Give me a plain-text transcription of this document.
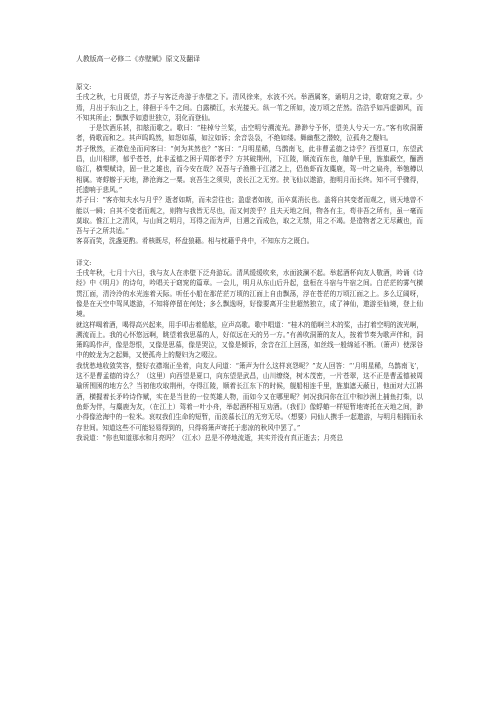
人教版高一必修二《赤壁赋》原文及翻译

原文:

壬戌之秋，七月既望，苏子与客泛舟游于赤壁之下。清风徐来，水波不兴。举酒属客，诵明月之诗，歌窈窕之章。少焉，月出于东山之上，徘徊于斗牛之间。白露横江，水光接天。纵一苇之所如，凌万顷之茫然。浩浩乎如冯虚御风，而不知其所止；飘飘乎如遗世独立，羽化而登仙。

于是饮酒乐甚，扣舷而歌之。歌曰：“桂棹兮兰桨，击空明兮溯流光。渺渺兮予怀，望美人兮天一方。”客有吹洞箫者，倚歌而和之。其声呜呜然，如怨如慕，如泣如诉；余音袅袅，不绝如缕。舞幽壑之潜蛟，泣孤舟之嫠妇。

苏子愀然，正襟危坐而问客曰：“何为其然也？”客曰：“月明星稀，乌鹊南飞，此非曹孟德之诗乎？西望夏口，东望武昌，山川相缪，郁乎苍苍，此非孟德之困于周郎者乎？方其破荆州，下江陵，顺流而东也，舳舻千里，旌旗蔽空，酾酒临江，横槊赋诗，固一世之雄也，而今安在哉？况吾与子渔樵于江渚之上，侣鱼虾而友麋鹿，驾一叶之扁舟，举匏樽以相属。寄蜉蝣于天地，渺沧海之一粟。哀吾生之须臾，羡长江之无穷。挟飞仙以遨游，抱明月而长终。知不可乎骤得，托遗响于悲风。”

苏子曰：“客亦知夫水与月乎？逝者如斯，而未尝往也；盈虚者如彼，而卒莫消长也。盖将自其变者而观之，则天地曾不能以一瞬；自其不变者而观之，则物与我皆无尽也，而又何羡乎？且夫天地之间，物各有主，苟非吾之所有，虽一毫而莫取。惟江上之清风，与山间之明月，耳得之而为声，目遇之而成色，取之无禁，用之不竭。是造物者之无尽藏也，而吾与子之所共适。”

客喜而笑，洗盏更酌。肴核既尽，杯盘狼藉。相与枕藉乎舟中，不知东方之既白。

译文:

壬戌年秋，七月十六日，我与友人在赤壁下泛舟游玩。清风缓缓吹来，水面波澜不起。举起酒杯向友人敬酒，吟诵《诗经》中《明月》的诗句，吟唱关于窈窕的篇章。一会儿，明月从东山后升起，盘桓在斗宿与牛宿之间。白茫茫的雾气横贯江面，清泠泠的水光连着天际。听任小船在那茫茫万顷的江面上自由飘荡，浮在苍茫的万顷江面之上。多么辽阔呀，像是在天空中驾风遨游，不知将停留在何处；多么飘逸呀，好像要离开尘世超然独立，成了神仙，遨游至仙境，登上仙境。

就这样喝着酒，喝得高兴起来，用手叩击着船舷，应声高歌。歌中唱道：“桂木的船啊兰木的桨，击打着空明的波光啊，溯流而上。我的心怀悠远啊，眺望着我思慕的人，好似远在天的另一方。”有善吹洞箫的友人，按着节奏为歌声伴和，洞箫呜呜作声，像是怨恨，又像是思慕，像是哭泣，又像是倾诉，余音在江上回荡，如丝线一般绵延不断。（箫声）使深谷中的蛟龙为之起舞，又使孤舟上的嫠妇为之啜泣。

我忧愁地收敛笑容，整好衣襟端正坐着，向友人问道：“箫声为什么这样哀怨呢？”友人回答：“‘月明星稀，乌鹊南飞’，这不是曹孟德的诗么？（这里）向西望是夏口，向东望是武昌，山川缭绕，树木茂密，一片苍翠，这不正是曹孟德被周瑜所围困的地方么？当初他攻取荆州，夺得江陵，顺着长江东下的时候，舰船相连千里，旌旗遮天蔽日，他面对大江斟酒，横握着长矛吟诗作赋，实在是当世的一位英雄人物，而如今又在哪里呢？何况我同你在江中和沙洲上捕鱼打柴，以鱼虾为伴，与麋鹿为友，（在江上）驾着一叶小舟，举起酒杯相互劝酒。（我们）像蜉蝣一样短暂地寄托在天地之间，渺小得像沧海中的一粒米。哀叹我们生命的短暂，而羡慕长江的无穷无尽。（想要）同仙人携手一起遨游，与明月相拥而永存世间。知道这些不可能轻易得到的，只得将箫声寄托于悲凉的秋风中罢了。”

我说道：“你也知道那水和月亮吗？（江水）总是不停地流逝，其实并没有真正逝去；月亮总
